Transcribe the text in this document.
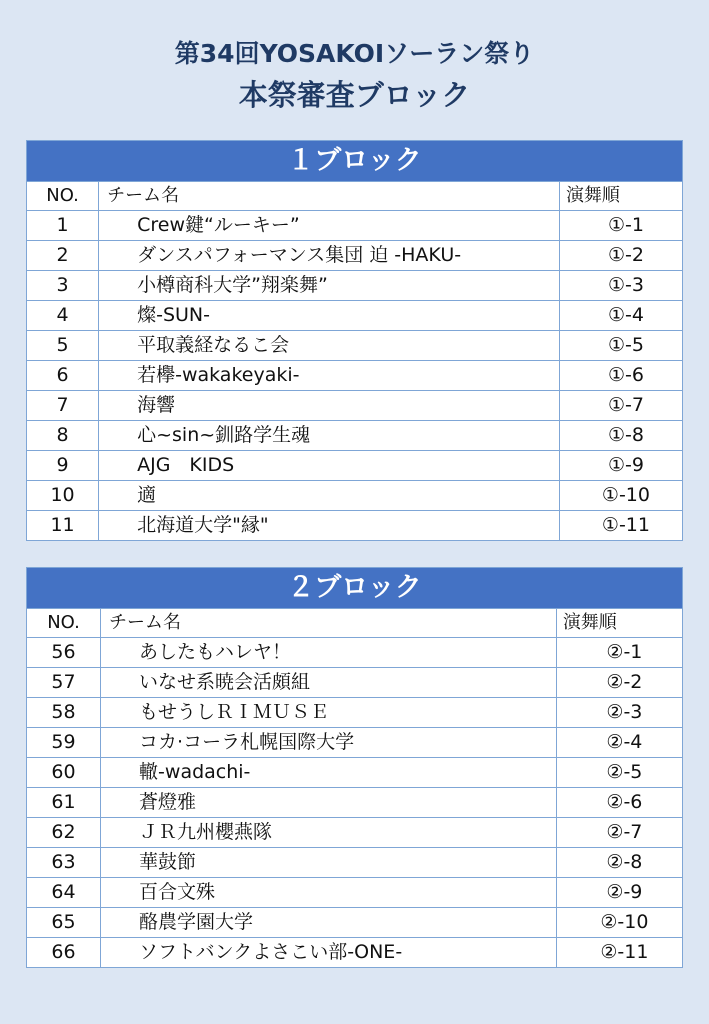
第34回YOSAKOIソーラン祭り
本祭審査ブロック
１ブロック		
NO.	チーム名	演舞順
1	Crew鍵“ルーキー”	①-1
2	ダンスパフォーマンス集団 迫 -HAKU-	①-2
3	小樽商科大学”翔楽舞”	①-3
4	燦-SUN-	①-4
5	平取義経なるこ会	①-5
6	若欅-wakakeyaki-	①-6
7	海響	①-7
8	心~sin~釧路学生魂	①-8
9	AJG　KIDS	①-9
10	適	①-10
11	北海道大学"縁"	①-11
２ブロック		
NO.	チーム名	演舞順
56	あしたもハレヤ！	②-1
57	いなせ系暁会活頗組	②-2
58	もせうしＲＩＭＵＳＥ	②-3
59	コカ·コーラ札幌国際大学	②-4
60	轍-wadachi-	②-5
61	蒼燈雅	②-6
62	ＪＲ九州櫻燕隊	②-7
63	華鼓節	②-8
64	百合文殊	②-9
65	酪農学園大学	②-10
66	ソフトバンクよさこい部-ONE-	②-11
